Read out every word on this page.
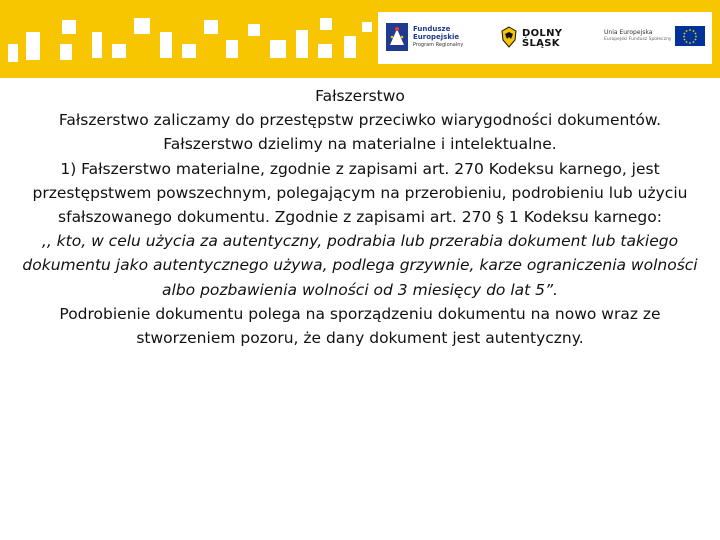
Fundusze
Europejskie
Program Regionalny
DOLNY
ŚLĄSK
Unia Europejska
Europejski Fundusz Społeczny

Fałszerstwo

Fałszerstwo zaliczamy do przestępstw przeciwko wiarygodności dokumentów. Fałszerstwo dzielimy na materialne i intelektualne.

1) Fałszerstwo materialne, zgodnie z zapisami art. 270 Kodeksu karnego, jest przestępstwem powszechnym, polegającym na przerobieniu, podrobieniu lub użyciu sfałszowanego dokumentu. Zgodnie z zapisami art. 270 § 1 Kodeksu karnego:

,, kto, w celu użycia za autentyczny, podrabia lub przerabia dokument lub takiego dokumentu jako autentycznego używa, podlega grzywnie, karze ograniczenia wolności albo pozbawienia wolności od 3 miesięcy do lat 5”.

Podrobienie dokumentu polega na sporządzeniu dokumentu na nowo wraz ze stworzeniem pozoru, że dany dokument jest autentyczny.
